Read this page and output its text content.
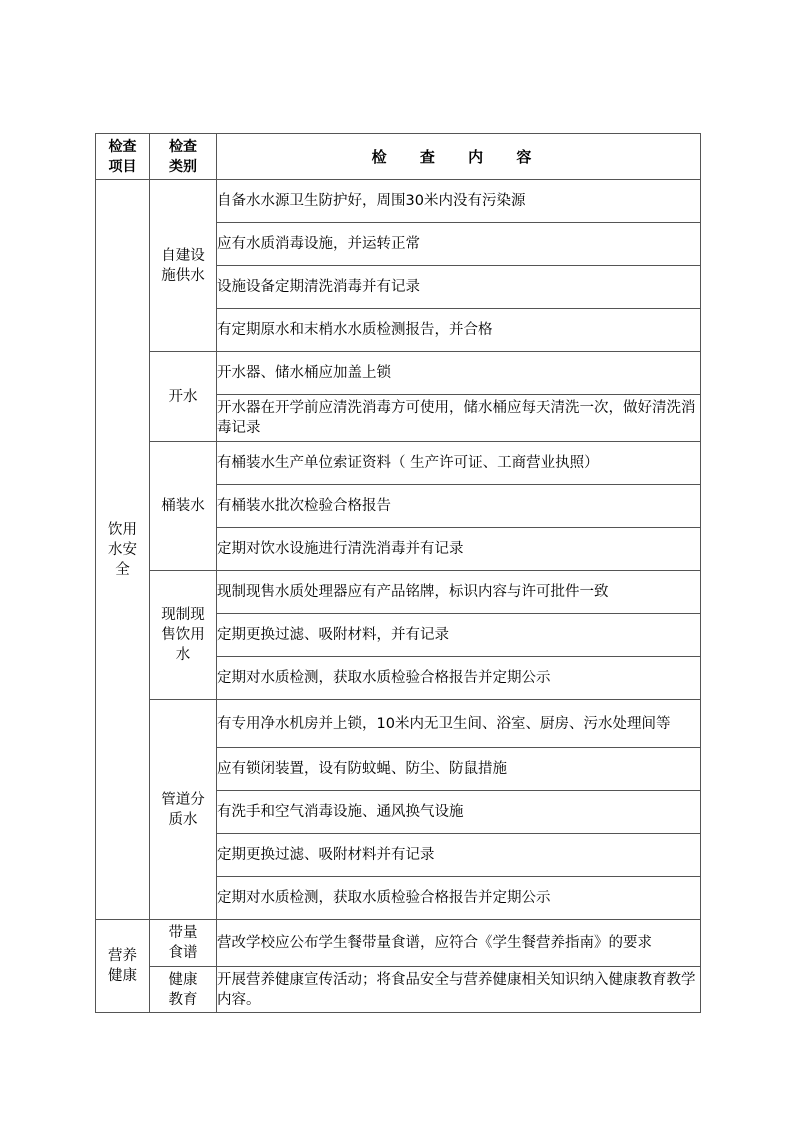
检查项目	检查类别	检 查 内 容
饮用水安全	自建设施供水	自备水水源卫生防护好，周围30米内没有污染源
		应有水质消毒设施，并运转正常
		设施设备定期清洗消毒并有记录
		有定期原水和末梢水水质检测报告，并合格
	开水	开水器、储水桶应加盖上锁
		开水器在开学前应清洗消毒方可使用，储水桶应每天清洗一次，做好清洗消毒记录
	桶装水	有桶装水生产单位索证资料（ 生产许可证、工商营业执照）
		有桶装水批次检验合格报告
		定期对饮水设施进行清洗消毒并有记录
	现制现售饮用水	现制现售水质处理器应有产品铭牌，标识内容与许可批件一致
		定期更换过滤、吸附材料，并有记录
		定期对水质检测，获取水质检验合格报告并定期公示
	管道分质水	有专用净水机房并上锁，10米内无卫生间、浴室、厨房、污水处理间等
		应有锁闭装置，设有防蚊蝇、防尘、防鼠措施
		有洗手和空气消毒设施、通风换气设施
		定期更换过滤、吸附材料并有记录
		定期对水质检测，获取水质检验合格报告并定期公示
营养健康	带量食谱	营改学校应公布学生餐带量食谱，应符合《学生餐营养指南》的要求
	健康教育	开展营养健康宣传活动；将食品安全与营养健康相关知识纳入健康教育教学内容。
